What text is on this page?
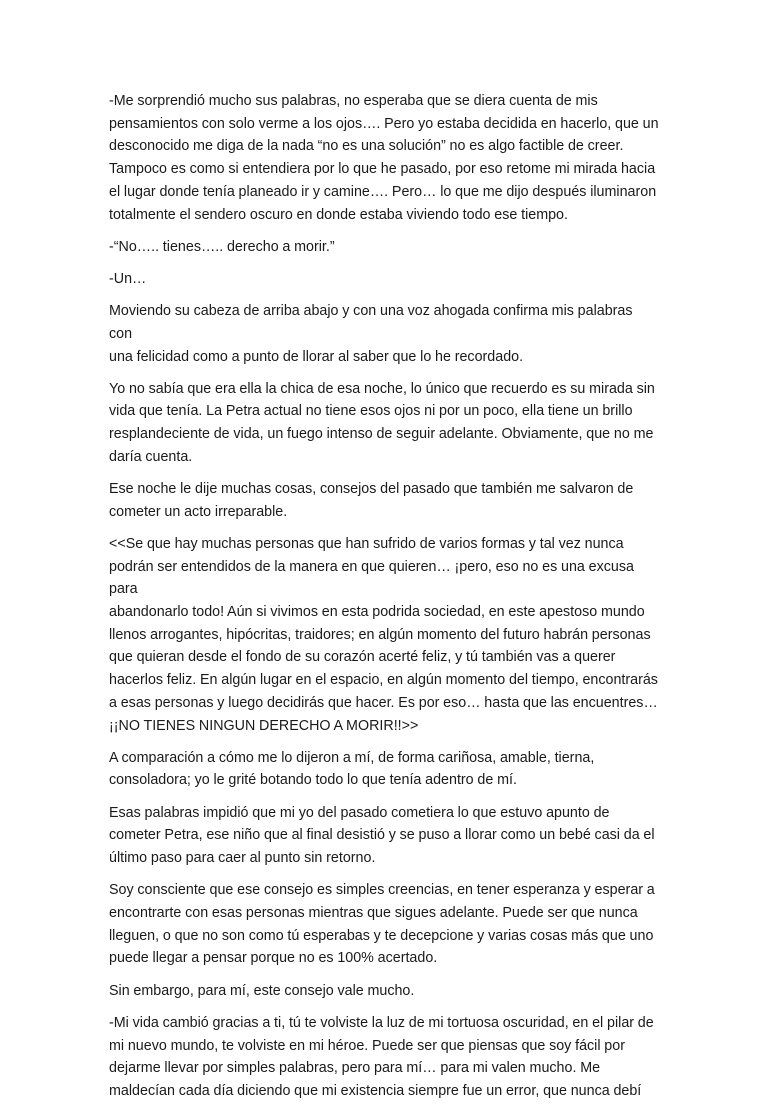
-Me sorprendió mucho sus palabras, no esperaba que se diera cuenta de mis
pensamientos con solo verme a los ojos…. Pero yo estaba decidida en hacerlo, que un
desconocido me diga de la nada “no es una solución” no es algo factible de creer.
Tampoco es como si entendiera por lo que he pasado, por eso retome mi mirada hacia
el lugar donde tenía planeado ir y camine…. Pero… lo que me dijo después iluminaron
totalmente el sendero oscuro en donde estaba viviendo todo ese tiempo.

-“No….. tienes….. derecho a morir.”

-Un…

Moviendo su cabeza de arriba abajo y con una voz ahogada confirma mis palabras con
una felicidad como a punto de llorar al saber que lo he recordado.

Yo no sabía que era ella la chica de esa noche, lo único que recuerdo es su mirada sin
vida que tenía. La Petra actual no tiene esos ojos ni por un poco, ella tiene un brillo
resplandeciente de vida, un fuego intenso de seguir adelante. Obviamente, que no me
daría cuenta.

Ese noche le dije muchas cosas, consejos del pasado que también me salvaron de
cometer un acto irreparable.

<<Se que hay muchas personas que han sufrido de varios formas y tal vez nunca
podrán ser entendidos de la manera en que quieren… ¡pero, eso no es una excusa para
abandonarlo todo! Aún si vivimos en esta podrida sociedad, en este apestoso mundo
llenos arrogantes, hipócritas, traidores; en algún momento del futuro habrán personas
que quieran desde el fondo de su corazón acerté feliz, y tú también vas a querer
hacerlos feliz. En algún lugar en el espacio, en algún momento del tiempo, encontrarás
a esas personas y luego decidirás que hacer. Es por eso… hasta que las encuentres…
¡¡NO TIENES NINGUN DERECHO A MORIR!!>>

A comparación a cómo me lo dijeron a mí, de forma cariñosa, amable, tierna,
consoladora; yo le grité botando todo lo que tenía adentro de mí.

Esas palabras impidió que mi yo del pasado cometiera lo que estuvo apunto de
cometer Petra, ese niño que al final desistió y se puso a llorar como un bebé casi da el
último paso para caer al punto sin retorno.

Soy consciente que ese consejo es simples creencias, en tener esperanza y esperar a
encontrarte con esas personas mientras que sigues adelante. Puede ser que nunca
lleguen, o que no son como tú esperabas y te decepcione y varias cosas más que uno
puede llegar a pensar porque no es 100% acertado.

Sin embargo, para mí, este consejo vale mucho.

-Mi vida cambió gracias a ti, tú te volviste la luz de mi tortuosa oscuridad, en el pilar de
mi nuevo mundo, te volviste en mi héroe. Puede ser que piensas que soy fácil por
dejarme llevar por simples palabras, pero para mí… para mi valen mucho. Me
maldecían cada día diciendo que mi existencia siempre fue un error, que nunca debí
